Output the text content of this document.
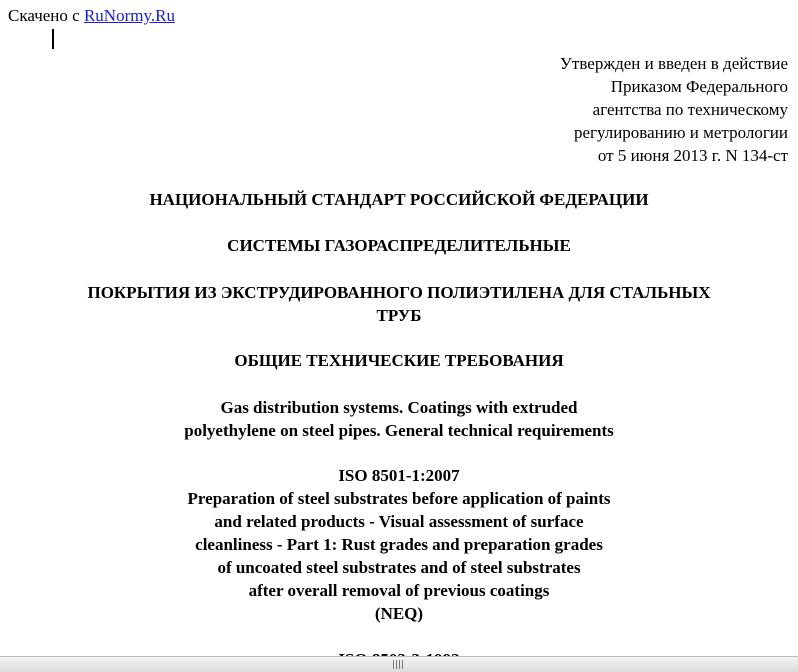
Скачено с RuNormy.Ru
Утвержден и введен в действие
Приказом Федерального
агентства по техническому
регулированию и метрологии
от 5 июня 2013 г. N 134-ст
НАЦИОНАЛЬНЫЙ СТАНДАРТ РОССИЙСКОЙ ФЕДЕРАЦИИ
СИСТЕМЫ ГАЗОРАСПРЕДЕЛИТЕЛЬНЫЕ
ПОКРЫТИЯ ИЗ ЭКСТРУДИРОВАННОГО ПОЛИЭТИЛЕНА ДЛЯ СТАЛЬНЫХ
ТРУБ
ОБЩИЕ ТЕХНИЧЕСКИЕ ТРЕБОВАНИЯ
Gas distribution systems. Coatings with extruded
polyethylene on steel pipes. General technical requirements
ISO 8501-1:2007
Preparation of steel substrates before application of paints
and related products - Visual assessment of surface
cleanliness - Part 1: Rust grades and preparation grades
of uncoated steel substrates and of steel substrates
after overall removal of previous coatings
(NEQ)
